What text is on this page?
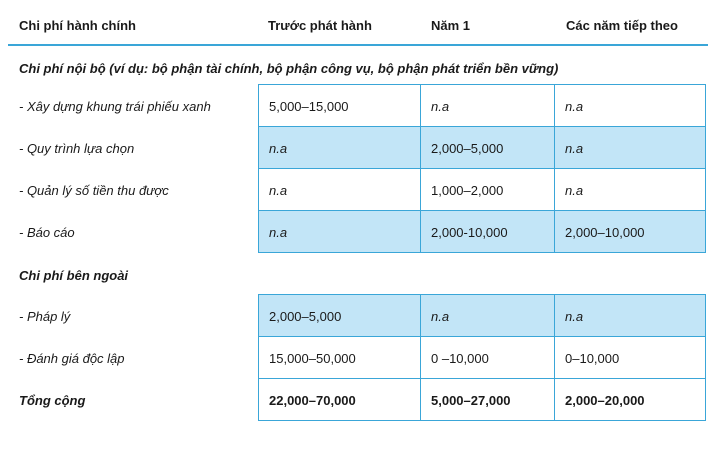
Chi phí hành chính	Trước phát hành	Năm 1	Các năm tiếp theo
Chi phí nội bộ (ví dụ: bộ phận tài chính, bộ phận công vụ, bộ phận phát triển bền vững)
- Xây dựng khung trái phiếu xanh	5,000–15,000	n.a	n.a
- Quy trình lựa chọn	n.a	2,000–5,000	n.a
- Quản lý số tiền thu được	n.a	1,000–2,000	n.a
- Báo cáo	n.a	2,000-10,000	2,000–10,000
Chi phí bên ngoài
- Pháp lý	2,000–5,000	n.a	n.a
- Đánh giá độc lập	15,000–50,000	0 –10,000	0–10,000
Tổng cộng	22,000–70,000	5,000–27,000	2,000–20,000
